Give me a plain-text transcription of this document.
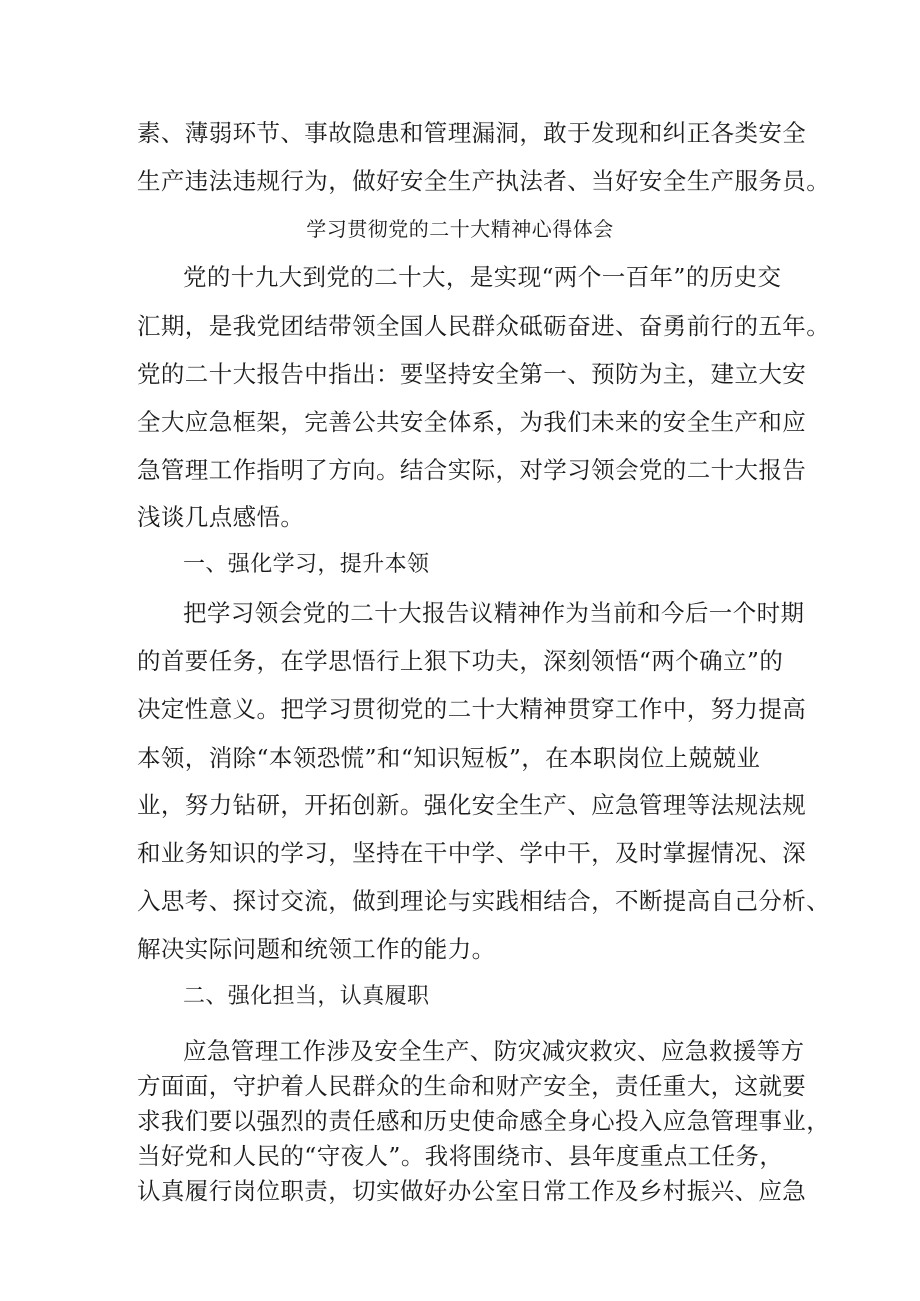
素、薄弱环节、事故隐患和管理漏洞，敢于发现和纠正各类安全
生产违法违规行为，做好安全生产执法者、当好安全生产服务员。
学习贯彻党的二十大精神心得体会
党的十九大到党的二十大，是实现“两个一百年”的历史交
汇期，是我党团结带领全国人民群众砥砺奋进、奋勇前行的五年。
党的二十大报告中指出：要坚持安全第一、预防为主，建立大安
全大应急框架，完善公共安全体系，为我们未来的安全生产和应
急管理工作指明了方向。结合实际，对学习领会党的二十大报告
浅谈几点感悟。
一、强化学习，提升本领
把学习领会党的二十大报告议精神作为当前和今后一个时期
的首要任务，在学思悟行上狠下功夫，深刻领悟“两个确立”的
决定性意义。把学习贯彻党的二十大精神贯穿工作中，努力提高
本领，消除“本领恐慌”和“知识短板”，在本职岗位上兢兢业
业，努力钻研，开拓创新。强化安全生产、应急管理等法规法规
和业务知识的学习，坚持在干中学、学中干，及时掌握情况、深
入思考、探讨交流，做到理论与实践相结合，不断提高自己分析、
解决实际问题和统领工作的能力。
二、强化担当，认真履职
应急管理工作涉及安全生产、防灾减灾救灾、应急救援等方
方面面，守护着人民群众的生命和财产安全，责任重大，这就要
求我们要以强烈的责任感和历史使命感全身心投入应急管理事业，
当好党和人民的“守夜人”。我将围绕市、县年度重点工任务，
认真履行岗位职责，切实做好办公室日常工作及乡村振兴、应急
